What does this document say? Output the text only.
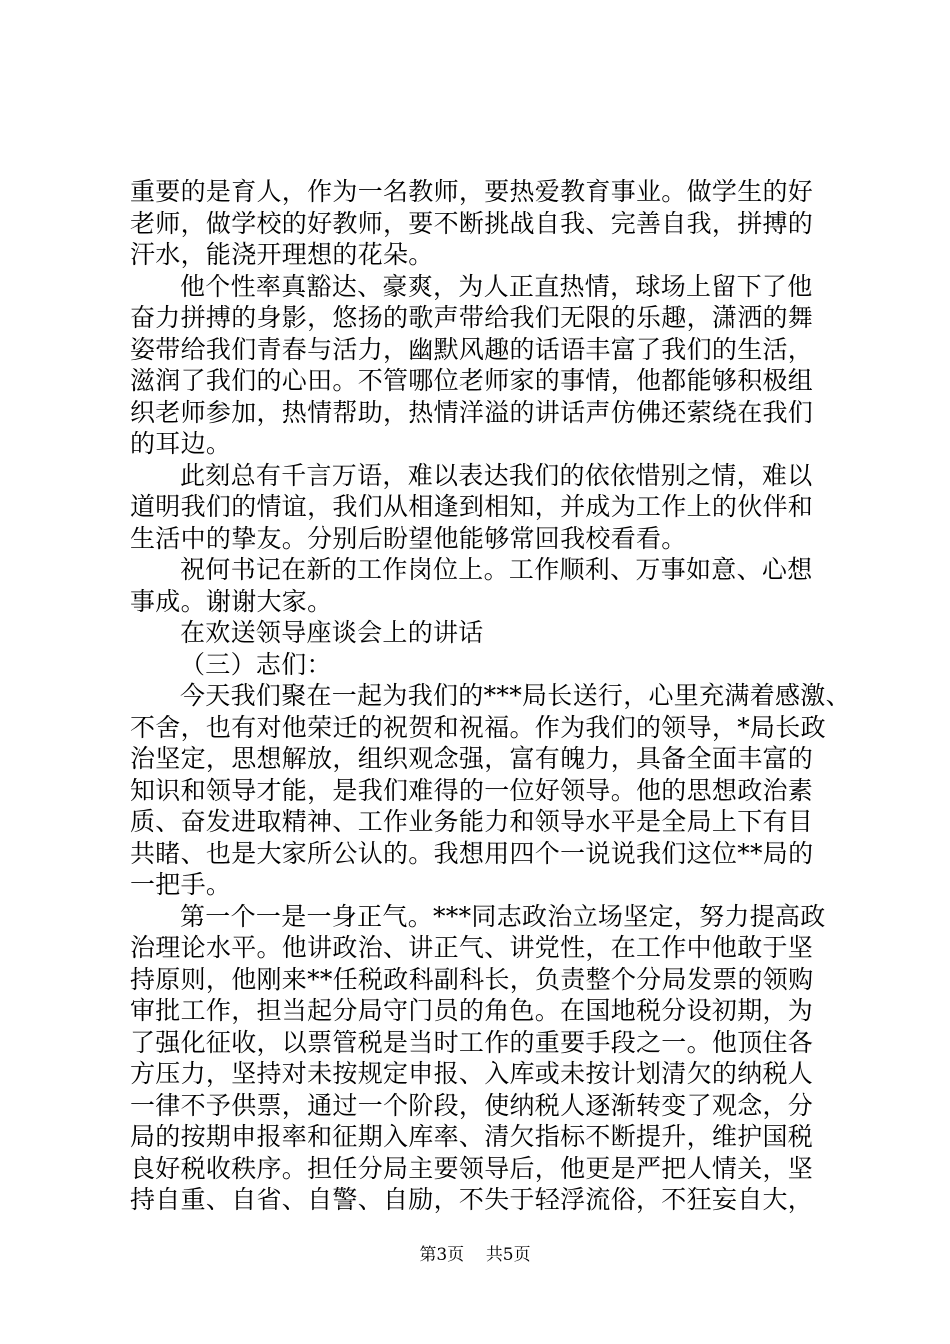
重要的是育人，作为一名教师，要热爱教育事业。做学生的好
老师，做学校的好教师，要不断挑战自我、完善自我，拼搏的
汗水，能浇开理想的花朵。
他个性率真豁达、豪爽，为人正直热情，球场上留下了他
奋力拼搏的身影，悠扬的歌声带给我们无限的乐趣，潇洒的舞
姿带给我们青春与活力，幽默风趣的话语丰富了我们的生活，
滋润了我们的心田。不管哪位老师家的事情，他都能够积极组
织老师参加，热情帮助，热情洋溢的讲话声仿佛还萦绕在我们
的耳边。
此刻总有千言万语，难以表达我们的依依惜别之情，难以
道明我们的情谊，我们从相逢到相知，并成为工作上的伙伴和
生活中的挚友。分别后盼望他能够常回我校看看。
祝何书记在新的工作岗位上。工作顺利、万事如意、心想
事成。谢谢大家。
在欢送领导座谈会上的讲话
（三）志们：
今天我们聚在一起为我们的***局长送行，心里充满着感激、
不舍，也有对他荣迁的祝贺和祝福。作为我们的领导，*局长政
治坚定，思想解放，组织观念强，富有魄力，具备全面丰富的
知识和领导才能，是我们难得的一位好领导。他的思想政治素
质、奋发进取精神、工作业务能力和领导水平是全局上下有目
共睹、也是大家所公认的。我想用四个一说说我们这位**局的
一把手。
第一个一是一身正气。***同志政治立场坚定，努力提高政
治理论水平。他讲政治、讲正气、讲党性，在工作中他敢于坚
持原则，他刚来**任税政科副科长，负责整个分局发票的领购
审批工作，担当起分局守门员的角色。在国地税分设初期，为
了强化征收，以票管税是当时工作的重要手段之一。他顶住各
方压力，坚持对未按规定申报、入库或未按计划清欠的纳税人
一律不予供票，通过一个阶段，使纳税人逐渐转变了观念，分
局的按期申报率和征期入库率、清欠指标不断提升，维护国税
良好税收秩序。担任分局主要领导后，他更是严把人情关，坚
持自重、自省、自警、自励，不失于轻浮流俗，不狂妄自大，
第3页 共5页
